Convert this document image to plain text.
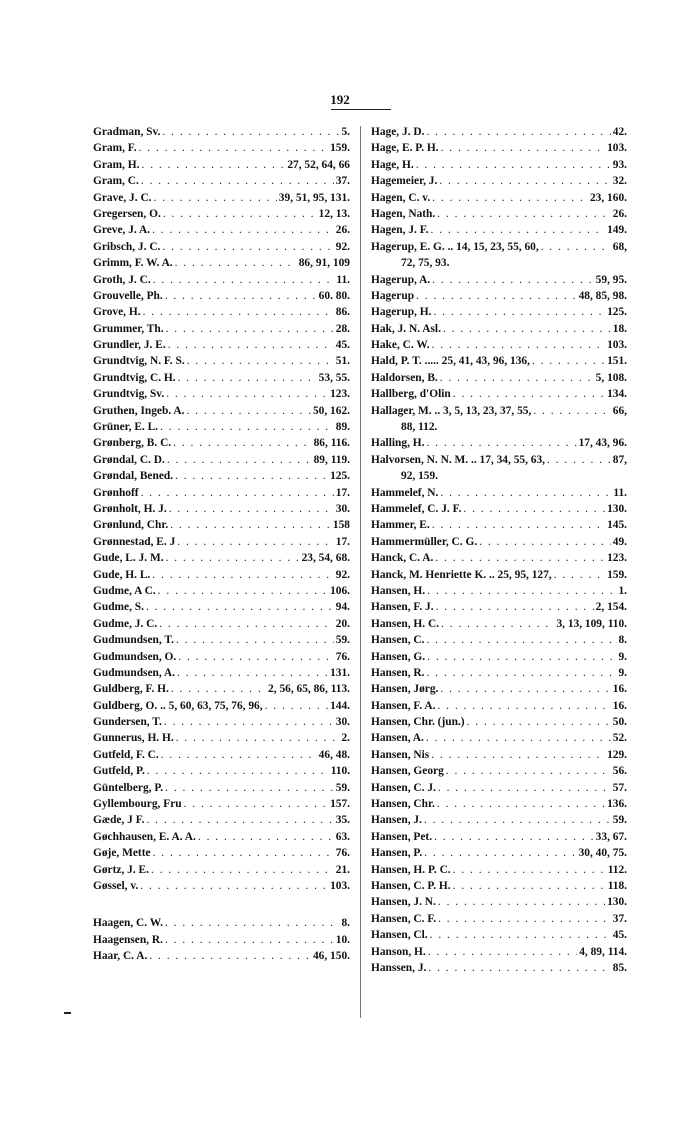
192
Gradman, Sv. . . .	5.
Gram, F. . . .	159.
Gram, H. . . .	27, 52, 64, 66
Gram, C. . . .	37.
Grave, J. C. . . .	39, 51, 95, 131.
Gregersen, O. . . .	12, 13.
Greve, J. A. . . .	26.
Gribsch, J. C. . . .	92.
Grimm, F. W. A. . . .	86, 91, 109
Groth, J. C. . . .	11.
Grouvelle, Ph. . . .	60. 80.
Grove, H. . . .	86.
Grummer, Th. . . .	28.
Grundler, J. E. . . .	45.
Grundtvig, N. F. S. . . .	51.
Grundtvig, C. H. . . .	53, 55.
Grundtvig, Sv. . . .	123.
Gruthen, Ingeb. A. . . .	50, 162.
Grüner, E. L. . . .	89.
Grønberg, B. C. . . .	86, 116.
Grøndal, C. D. . . .	89, 119.
Grøndal, Bened. . . .	125.
Grønhoff . . .	17.
Grønholt, H. J. . . .	30.
Grønlund, Chr. . . .	158
Grønnestad, E. J . . .	17.
Gude, L. J. M. . . .	23, 54, 68.
Gude, H. L. . . .	92.
Gudme, A C. . . .	106.
Gudme, S. . . .	94.
Gudme, J. C. . . .	20.
Gudmundsen, T. . . .	59.
Gudmundsen, O. . . .	76.
Gudmundsen, A. . . .	131.
Guldberg, F. H. . . .	2, 56, 65, 86, 113.
Guldberg, O. .. 5, 60, 63, 75, 76, 96, . . .	144.
Gundersen, T. . . .	30.
Gunnerus, H. H. . . .	2.
Gutfeld, F. C. . . .	46, 48.
Gutfeld, P. . . .	110.
Güntelberg, P. . . .	59.
Gyllembourg, Fru . . .	157.
Gæde, J F. . . .	35.
Gøchhausen, E. A. A. . . .	63.
Gøje, Mette . . .	76.
Gørtz, J. E. . . .	21.
Gøssel, v. . . .	103.
Haagen, C. W. . . .	8.
Haagensen, R. . . .	10.
Haar, C. A. . . .	46, 150.
Hage, J. D. . . .	42.
Hage, E. P. H. . . .	103.
Hage, H. . . .	93.
Hagemeier, J. . . .	32.
Hagen, C. v. . . .	23, 160.
Hagen, Nath. . . .	26.
Hagen, J. F. . . .	149.
Hagerup, E. G. .. 14, 15, 23, 55, 60, . . .	68,
72, 75, 93.
Hagerup, A. . . .	59, 95.
Hagerup . . .	48, 85, 98.
Hagerup, H. . . .	125.
Hak, J. N. Asl. . . .	18.
Hake, C. W. . . .	103.
Hald, P. T. ..... 25, 41, 43, 96, 136, . . .	151.
Haldorsen, B. . . .	5, 108.
Hallberg, d'Olin . . .	134.
Hallager, M. .. 3, 5, 13, 23, 37, 55, . . .	66,
88, 112.
Halling, H. . . .	17, 43, 96.
Halvorsen, N. N. M. .. 17, 34, 55, 63, . . .	87,
92, 159.
Hammelef, N. . . .	11.
Hammelef, C. J. F. . . .	130.
Hammer, E. . . .	145.
Hammermüller, C. G. . . .	49.
Hanck, C. A. . . .	123.
Hanck, M. Henriette K. .. 25, 95, 127, . . .	159.
Hansen, H. . . .	1.
Hansen, F. J. . . .	2, 154.
Hansen, H. C. . . .	3, 13, 109, 110.
Hansen, C. . . .	8.
Hansen, G. . . .	9.
Hansen, R. . . .	9.
Hansen, Jørg. . . .	16.
Hansen, F. A. . . .	16.
Hansen, Chr. (jun.) . . .	50.
Hansen, A. . . .	52.
Hansen, Nis . . .	129.
Hansen, Georg . . .	56.
Hansen, C. J. . . .	57.
Hansen, Chr. . . .	136.
Hansen, J. . . .	59.
Hansen, Pet. . . .	33, 67.
Hansen, P. . . .	30, 40, 75.
Hansen, H. P. C. . . .	112.
Hansen, C. P. H. . . .	118.
Hansen, J. N. . . .	130.
Hansen, C. F. . . .	37.
Hansen, Cl. . . .	45.
Hanson, H. . . .	4, 89, 114.
Hanssen, J. . . .	85.
